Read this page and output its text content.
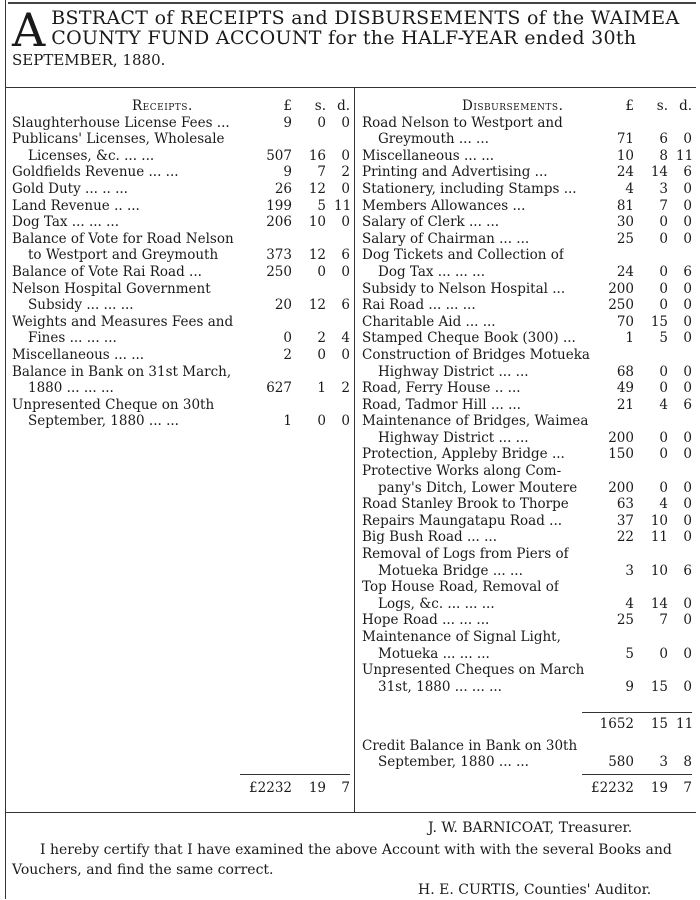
A BSTRACT of RECEIPTS and DISBURSEMENTS of the WAIMEA
COUNTY FUND ACCOUNT for the HALF-YEAR ended 30th
SEPTEMBER, 1880.
Receipts.	£	s. d.
Slaughterhouse License Fees ...	9	0	0
Publicans' Licenses, Wholesale
Licenses, &c. ... ...	507 16	0
Goldfields Revenue ... ...	9	7	2
Gold Duty ... .. ...	26 12	0
Land Revenue .. ...	199	5 11
Dog Tax ... ... ...	206 10	0
Balance of Vote for Road Nelson
to Westport and Greymouth	373 12	6
Balance of Vote Rai Road ...	250	0	0
Nelson Hospital Government
Subsidy ... ... ...	20 12	6
Weights and Measures Fees and
Fines ... ... ...	0	2	4
Miscellaneous ... ...	2	0	0
Balance in Bank on 31st March,
1880 ... ... ...	627	1	2
Unpresented Cheque on 30th
September, 1880 ... ...	1	0	0
£2232 19	7
Disbursements.	£	s. d.
Road Nelson to Westport and
Greymouth ... ...	71	6	0
Miscellaneous ... ...	10	8 11
Printing and Advertising ...	24 14	6
Stationery, including Stamps ...	4	3	0
Members Allowances ...	81	7	0
Salary of Clerk ... ...	30	0	0
Salary of Chairman ... ...	25	0	0
Dog Tickets and Collection of
Dog Tax ... ... ...	24	0	6
Subsidy to Nelson Hospital ...	200	0	0
Rai Road ... ... ...	250	0	0
Charitable Aid ... ...	70 15	0
Stamped Cheque Book (300) ...	1	5	0
Construction of Bridges Motueka
Highway District ... ...	68	0	0
Road, Ferry House .. ...	49	0	0
Road, Tadmor Hill ... ...	21	4	6
Maintenance of Bridges, Waimea
Highway District ... ...	200	0	0
Protection, Appleby Bridge ...	150	0	0
Protective Works along Com-
pany's Ditch, Lower Moutere	200	0	0
Road Stanley Brook to Thorpe	63	4	0
Repairs Maungatapu Road ...	37 10	0
Big Bush Road ... ...	22 11	0
Removal of Logs from Piers of
Motueka Bridge ... ...	3 10	6
Top House Road, Removal of
Logs, &c. ... ... ...	4 14	0
Hope Road ... ... ...	25	7	0
Maintenance of Signal Light,
Motueka ... ... ...	5	0	0
Unpresented Cheques on March
31st, 1880 ... ... ...	9 15	0
1652 15 11
Credit Balance in Bank on 30th
September, 1880 ... ...	580	3	8
£2232 19	7
J. W. BARNICOAT, Treasurer.
I hereby certify that I have examined the above Account with with the several Books and Vouchers, and find the same correct.
H. E. CURTIS, Counties' Auditor.
